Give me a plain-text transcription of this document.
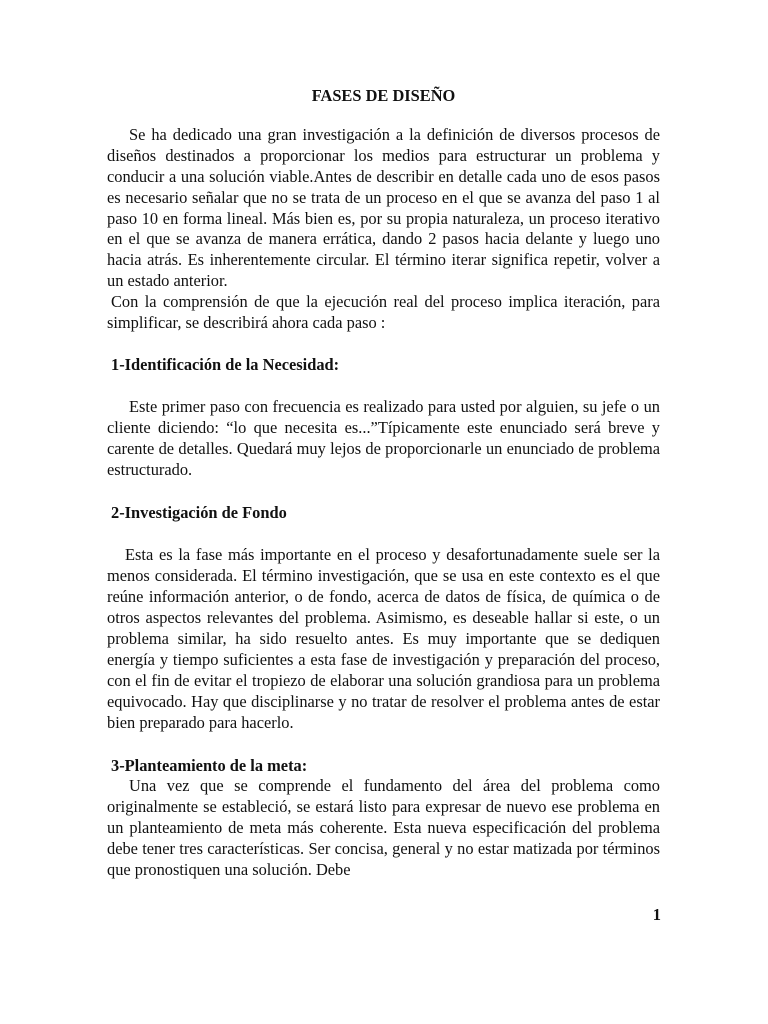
FASES DE DISEÑO

Se ha dedicado una gran investigación a la definición de diversos procesos de diseños destinados a proporcionar los medios para estructurar un problema y conducir a una solución viable.Antes de describir en detalle cada uno de esos pasos es necesario señalar que no se trata de un proceso en el que se avanza del paso 1 al paso 10 en forma lineal. Más bien es, por su propia naturaleza, un proceso iterativo en el que se avanza de manera errática, dando 2 pasos hacia delante y luego uno hacia atrás. Es inherentemente circular. El término iterar significa repetir, volver a un estado anterior.

Con la comprensión de que la ejecución real del proceso implica iteración, para simplificar, se describirá ahora cada paso :

1-Identificación de la Necesidad:

Este primer paso con frecuencia es realizado para usted por alguien, su jefe o un cliente diciendo: “lo que necesita es...”Típicamente este enunciado será breve y carente de detalles. Quedará muy lejos de proporcionarle un enunciado de problema estructurado.

2-Investigación de Fondo

Esta es la fase más importante en el proceso y desafortunadamente suele ser la menos considerada. El término investigación, que se usa en este contexto es el que reúne información anterior, o de fondo, acerca de datos de física, de química o de otros aspectos relevantes del problema. Asimismo, es deseable hallar si este, o un problema similar, ha sido resuelto antes. Es muy importante que se dediquen energía y tiempo suficientes a esta fase de investigación y preparación del proceso, con el fin de evitar el tropiezo de elaborar una solución grandiosa para un problema equivocado. Hay que disciplinarse y no tratar de resolver el problema antes de estar bien preparado para hacerlo.

3-Planteamiento de la meta:

Una vez que se comprende el fundamento del área del problema como originalmente se estableció, se estará listo para expresar de nuevo ese problema en un planteamiento de meta más coherente. Esta nueva especificación del problema debe tener tres características. Ser concisa, general y no estar matizada por términos que pronostiquen una solución. Debe

1
